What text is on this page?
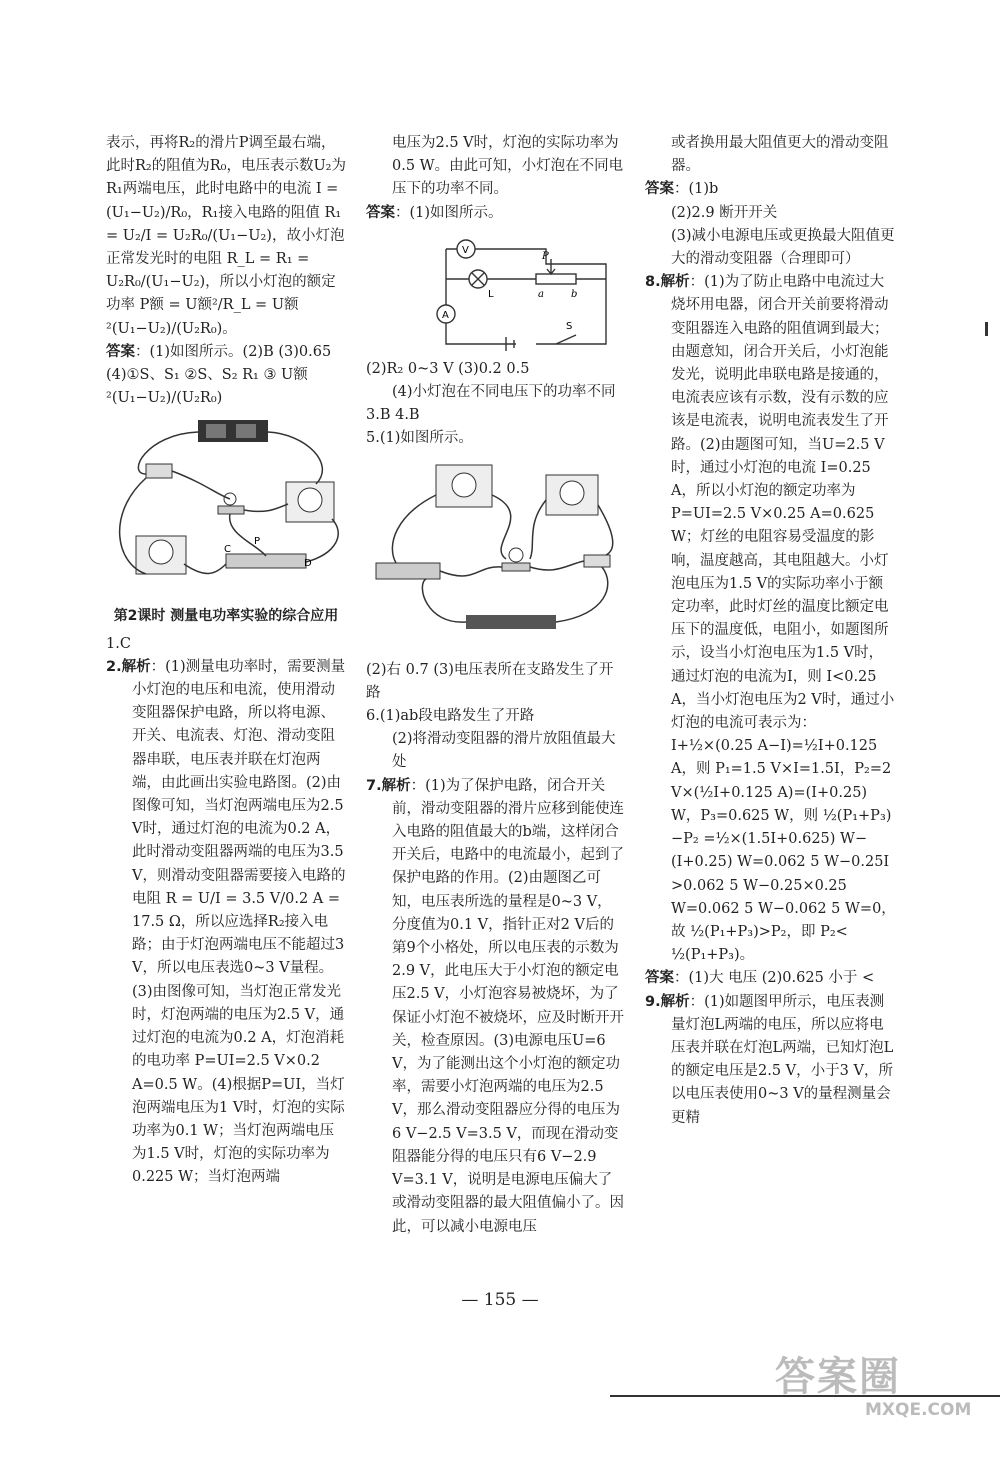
表示，再将R₂的滑片P调至最右端，此时R₂的阻值为R₀，电压表示数U₂为R₁两端电压，此时电路中的电流 I = (U₁−U₂)/R₀，R₁接入电路的阻值 R₁ = U₂/I = U₂R₀/(U₁−U₂)，故小灯泡正常发光时的电阻 R_L = R₁ = U₂R₀/(U₁−U₂)，所以小灯泡的额定功率 P额 = U额²/R_L = U额²(U₁−U₂)/(U₂R₀)。

答案：(1)如图所示。(2)B (3)0.65 (4)①S、S₁ ②S、S₂ R₁ ③ U额²(U₁−U₂)/(U₂R₀)

C
P
D
第2课时 测量电功率实验的综合应用

1.C

2.解析：(1)测量电功率时，需要测量小灯泡的电压和电流，使用滑动变阻器保护电路，所以将电源、开关、电流表、灯泡、滑动变阻器串联，电压表并联在灯泡两端，由此画出实验电路图。(2)由图像可知，当灯泡两端电压为2.5 V时，通过灯泡的电流为0.2 A，此时滑动变阻器两端的电压为3.5 V，则滑动变阻器需要接入电路的电阻 R = U/I = 3.5 V/0.2 A = 17.5 Ω，所以应选择R₂接入电路；由于灯泡两端电压不能超过3 V，所以电压表选0~3 V量程。(3)由图像可知，当灯泡正常发光时，灯泡两端的电压为2.5 V，通过灯泡的电流为0.2 A，灯泡消耗的电功率 P=UI=2.5 V×0.2 A=0.5 W。(4)根据P=UI，当灯泡两端电压为1 V时，灯泡的实际功率为0.1 W；当灯泡两端电压为1.5 V时，灯泡的实际功率为0.225 W；当灯泡两端

电压为2.5 V时，灯泡的实际功率为0.5 W。由此可知，小灯泡在不同电压下的功率不同。

答案：(1)如图所示。

V
A
L
P
a	b
S

(2)R₂ 0~3 V (3)0.2 0.5

(4)小灯泡在不同电压下的功率不同

3.B 4.B

5.(1)如图所示。

(2)右 0.7 (3)电压表所在支路发生了开路

6.(1)ab段电路发生了开路

(2)将滑动变阻器的滑片放阻值最大处

7.解析：(1)为了保护电路，闭合开关前，滑动变阻器的滑片应移到能使连入电路的阻值最大的b端，这样闭合开关后，电路中的电流最小，起到了保护电路的作用。(2)由题图乙可知，电压表所选的量程是0~3 V，分度值为0.1 V，指针正对2 V后的第9个小格处，所以电压表的示数为2.9 V，此电压大于小灯泡的额定电压2.5 V，小灯泡容易被烧坏，为了保证小灯泡不被烧坏，应及时断开开关，检查原因。(3)电源电压U=6 V，为了能测出这个小灯泡的额定功率，需要小灯泡两端的电压为2.5 V，那么滑动变阻器应分得的电压为6 V−2.5 V=3.5 V，而现在滑动变阻器能分得的电压只有6 V−2.9 V=3.1 V，说明是电源电压偏大了或滑动变阻器的最大阻值偏小了。因此，可以减小电源电压

或者换用最大阻值更大的滑动变阻器。

答案：(1)b

(2)2.9 断开开关

(3)减小电源电压或更换最大阻值更大的滑动变阻器（合理即可）

8.解析：(1)为了防止电路中电流过大烧坏用电器，闭合开关前要将滑动变阻器连入电路的阻值调到最大；由题意知，闭合开关后，小灯泡能发光，说明此串联电路是接通的，电流表应该有示数，没有示数的应该是电流表，说明电流表发生了开路。(2)由题图可知，当U=2.5 V时，通过小灯泡的电流 I=0.25 A，所以小灯泡的额定功率为 P=UI=2.5 V×0.25 A=0.625 W；灯丝的电阻容易受温度的影响，温度越高，其电阻越大。小灯泡电压为1.5 V的实际功率小于额定功率，此时灯丝的温度比额定电压下的温度低，电阻小，如题图所示，设当小灯泡电压为1.5 V时，通过灯泡的电流为I，则 I<0.25 A，当小灯泡电压为2 V时，通过小灯泡的电流可表示为：I+½×(0.25 A−I)=½I+0.125 A，则 P₁=1.5 V×I=1.5I，P₂=2 V×(½I+0.125 A)=(I+0.25) W，P₃=0.625 W，则 ½(P₁+P₃)−P₂ =½×(1.5I+0.625) W−(I+0.25) W=0.062 5 W−0.25I >0.062 5 W−0.25×0.25 W=0.062 5 W−0.062 5 W=0，故 ½(P₁+P₃)>P₂，即 P₂< ½(P₁+P₃)。

答案：(1)大 电压 (2)0.625 小于 <

9.解析：(1)如题图甲所示，电压表测量灯泡L两端的电压，所以应将电压表并联在灯泡L两端，已知灯泡L的额定电压是2.5 V，小于3 V，所以电压表使用0~3 V的量程测量会更精

— 155 —
答案圈
MXQE.COM
